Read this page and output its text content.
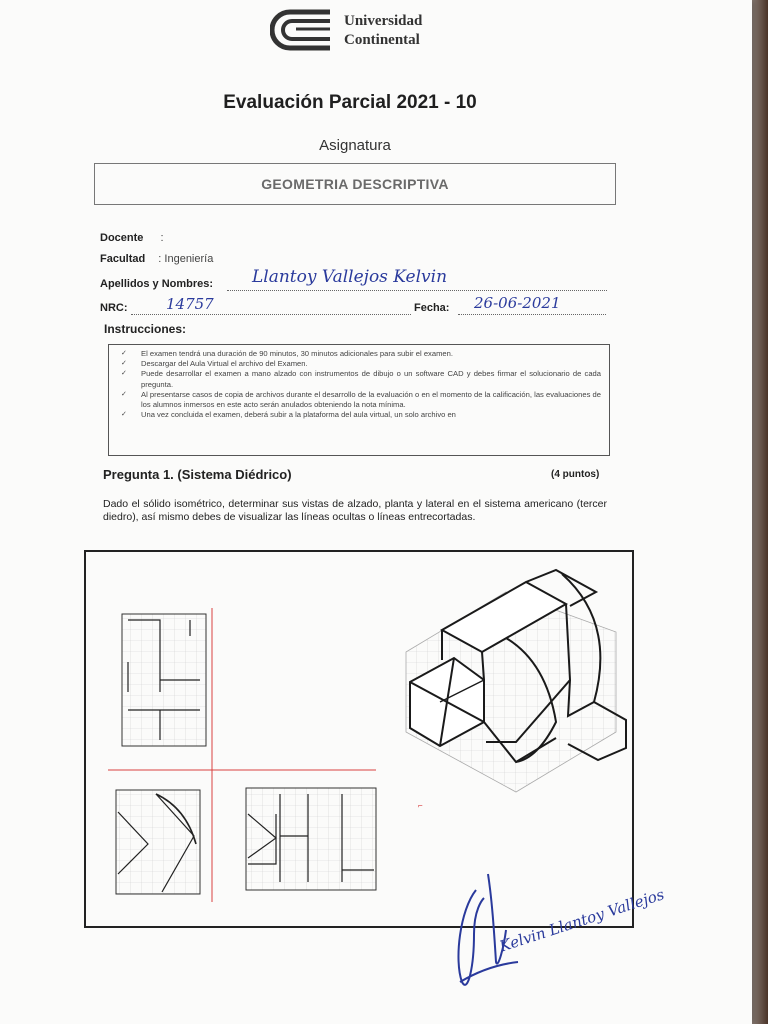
Universidad
Continental
Evaluación Parcial 2021 - 10
Asignatura
GEOMETRIA DESCRIPTIVA
Docente :
Facultad : Ingeniería
Apellidos y Nombres: Llantoy Vallejos Kelvin
NRC:	14757	Fecha: 26-06-2021
Instrucciones:
✓ El examen tendrá una duración de 90 minutos, 30 minutos adicionales para subir el examen.
✓ Descargar del Aula Virtual el archivo del Examen.
✓ Puede desarrollar el examen a mano alzado con instrumentos de dibujo o un software CAD y debes firmar el solucionario de cada pregunta.
✓ Al presentarse casos de copia de archivos durante el desarrollo de la evaluación o en el momento de la calificación, las evaluaciones de los alumnos inmersos en este acto serán anulados obteniendo la nota mínima.
✓ Una vez concluida el examen, deberá subir a la plataforma del aula virtual, un solo archivo en
Pregunta 1. (Sistema Diédrico)	(4 puntos)
Dado el sólido isométrico, determinar sus vistas de alzado, planta y lateral en el sistema americano (tercer diedro), así mismo debes de visualizar las líneas ocultas o líneas entrecortadas.
⌐
Kelvin Llantoy Vallejos
